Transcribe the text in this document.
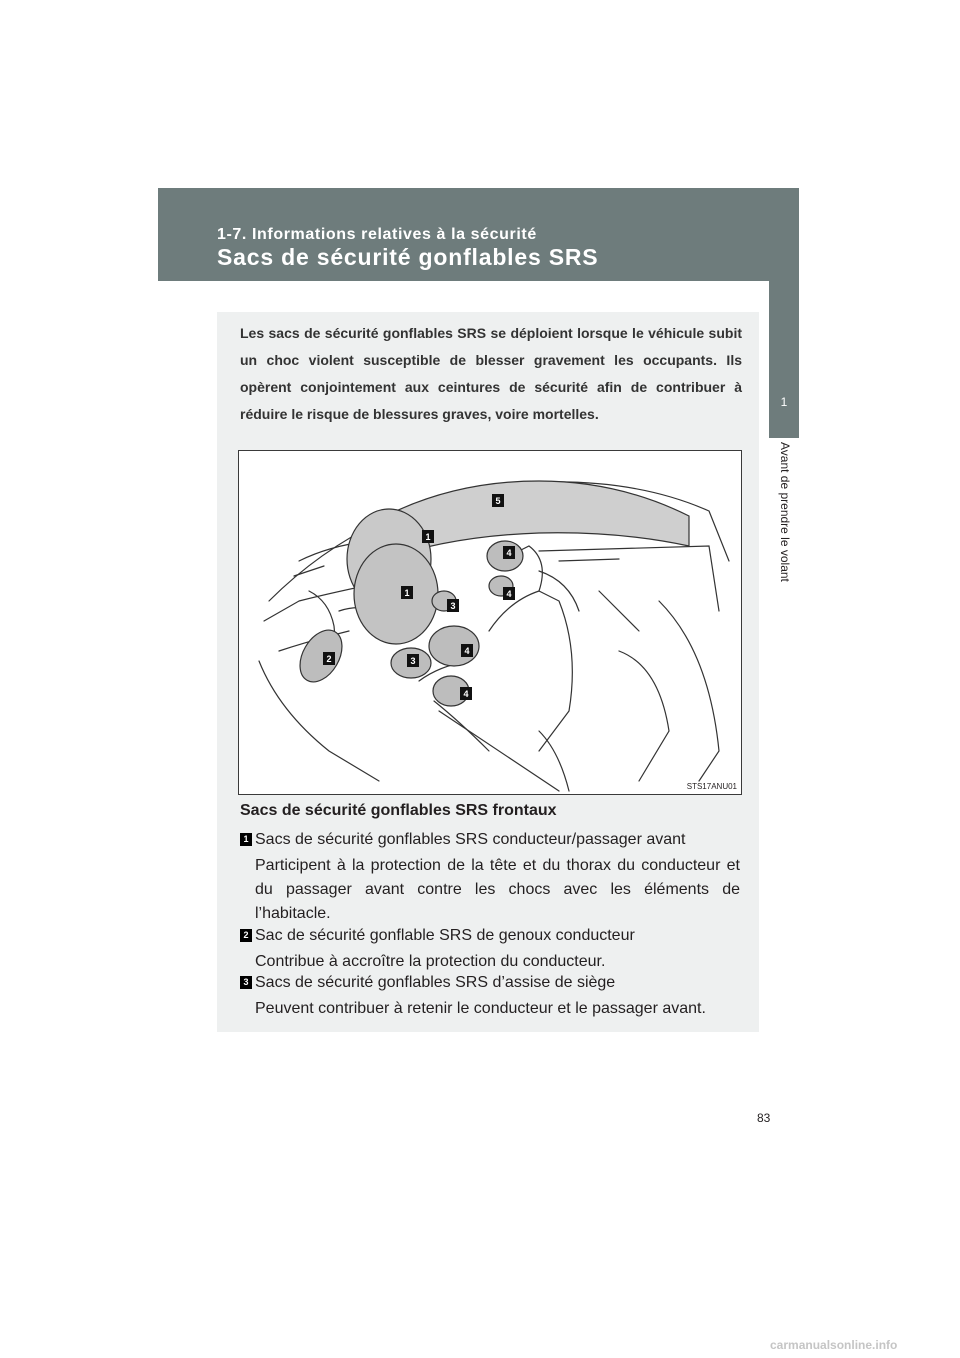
1-7. Informations relatives à la sécurité
Sacs de sécurité gonflables SRS
1
Avant de prendre le volant
Les sacs de sécurité gonflables SRS se déploient lorsque le véhicule subit un choc violent susceptible de blesser gravement les occupants. Ils opèrent conjointement aux ceintures de sécurité afin de contribuer à réduire le risque de blessures graves, voire mortelles.
5
1
4
1
3
4
2	3
4
4
STS17ANU01
Sacs de sécurité gonflables SRS frontaux
1 Sacs de sécurité gonflables SRS conducteur/passager avant
Participent à la protection de la tête et du thorax du conducteur et du passager avant contre les chocs avec les éléments de l’habitacle.
2 Sac de sécurité gonflable SRS de genoux conducteur
Contribue à accroître la protection du conducteur.
3 Sacs de sécurité gonflables SRS d’assise de siège
Peuvent contribuer à retenir le conducteur et le passager avant.
83
carmanualsonline.info
